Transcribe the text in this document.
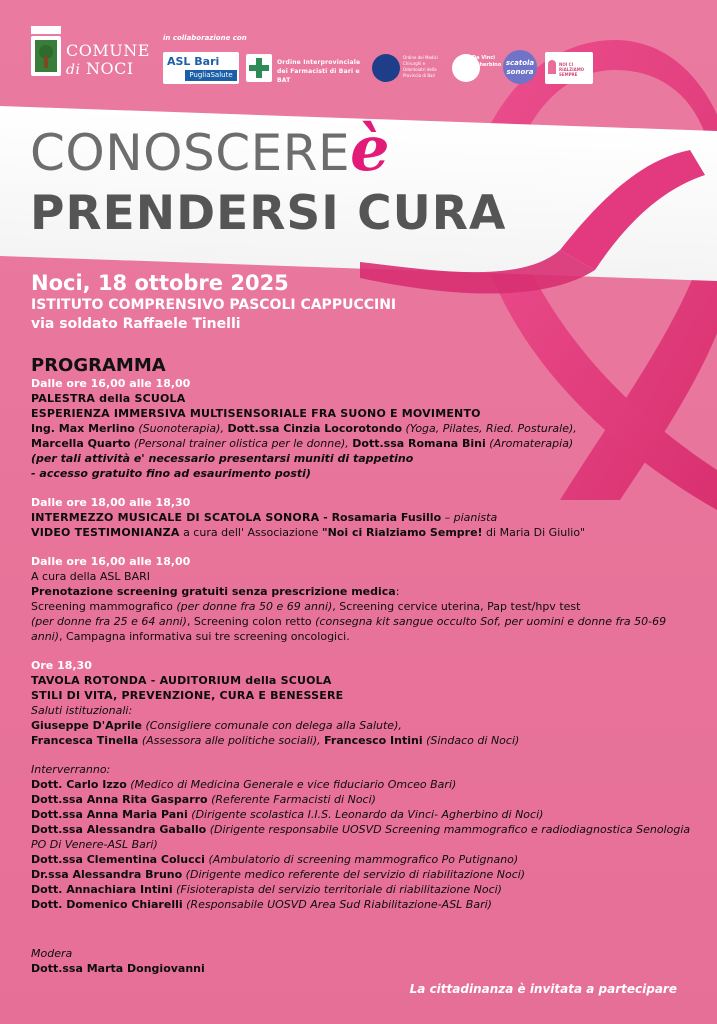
COMUNE
di NOCI
in collaborazione con
ASL Bari
PugliaSalute
Ordine Interprovinciale
dei Farmacisti di Bari e BAT
Ordine dei Medici Chirurghi e Odontoiatri della Provincia di Bari
Da Vinci
Agherbino scatola
sonora
NOI CI RIALZIAMO SEMPRE
CONOSCEREè
PRENDERSI CURA

Noci, 18 ottobre 2025

ISTITUTO COMPRENSIVO PASCOLI CAPPUCCINI

via soldato Raffaele Tinelli

PROGRAMMA

Dalle ore 16,00 alle 18,00

PALESTRA della SCUOLA

ESPERIENZA IMMERSIVA MULTISENSORIALE FRA SUONO E MOVIMENTO

Ing. Max Merlino (Suonoterapia), Dott.ssa Cinzia Locorotondo (Yoga, Pilates, Ried. Posturale),

Marcella Quarto (Personal trainer olistica per le donne), Dott.ssa Romana Bini (Aromaterapia)

(per tali attività e' necessario presentarsi muniti di tappetino

- accesso gratuito fino ad esaurimento posti)

Dalle ore 18,00 alle 18,30

INTERMEZZO MUSICALE DI SCATOLA SONORA - Rosamaria Fusillo – pianista

VIDEO TESTIMONIANZA a cura dell' Associazione "Noi ci Rialziamo Sempre! di Maria Di Giulio"

Dalle ore 16,00 alle 18,00

A cura della ASL BARI

Prenotazione screening gratuiti senza prescrizione medica:

Screening mammografico (per donne fra 50 e 69 anni), Screening cervice uterina, Pap test/hpv test

(per donne fra 25 e 64 anni), Screening colon retto (consegna kit sangue occulto Sof, per uomini e donne fra 50-69

anni), Campagna informativa sui tre screening oncologici.

Ore 18,30

TAVOLA ROTONDA - AUDITORIUM della SCUOLA

STILI DI VITA, PREVENZIONE, CURA E BENESSERE

Saluti istituzionali:

Giuseppe D'Aprile (Consigliere comunale con delega alla Salute),

Francesca Tinella (Assessora alle politiche sociali), Francesco Intini (Sindaco di Noci)

Interverranno:

Dott. Carlo Izzo (Medico di Medicina Generale e vice fiduciario Omceo Bari)

Dott.ssa Anna Rita Gasparro (Referente Farmacisti di Noci)

Dott.ssa Anna Maria Pani (Dirigente scolastica I.I.S. Leonardo da Vinci- Agherbino di Noci)

Dott.ssa Alessandra Gaballo (Dirigente responsabile UOSVD Screening mammografico e radiodiagnostica Senologia PO Di Venere-ASL Bari)

Dott.ssa Clementina Colucci (Ambulatorio di screening mammografico Po Putignano)

Dr.ssa Alessandra Bruno (Dirigente medico referente del servizio di riabilitazione Noci)

Dott. Annachiara Intini (Fisioterapista del servizio territoriale di riabilitazione Noci)

Dott. Domenico Chiarelli (Responsabile UOSVD Area Sud Riabilitazione-ASL Bari)

Modera
Dott.ssa Marta Dongiovanni
La cittadinanza è invitata a partecipare
